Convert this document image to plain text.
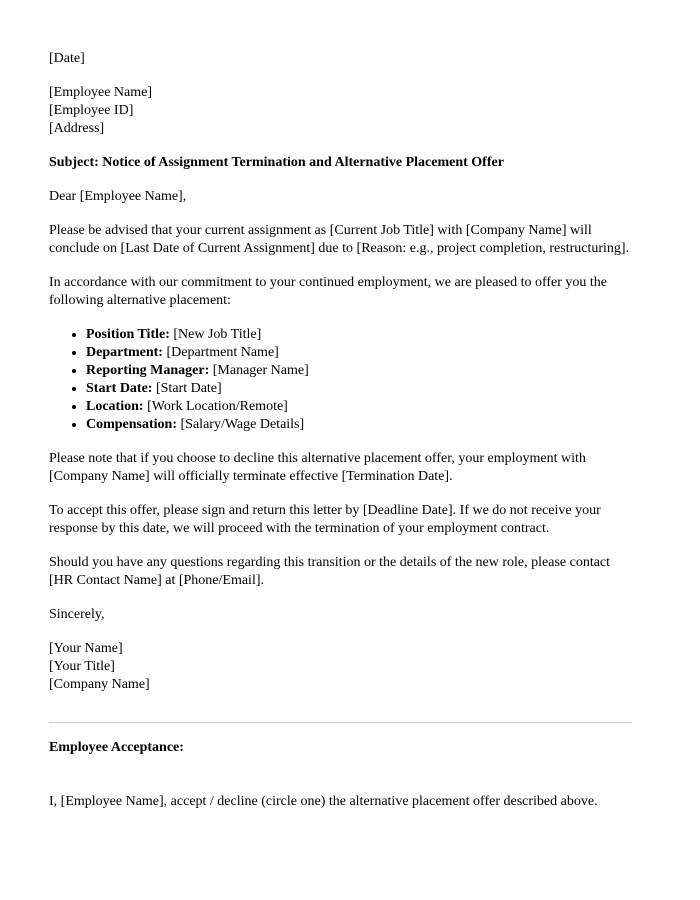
[Date]

[Employee Name]
[Employee ID]
[Address]

Subject: Notice of Assignment Termination and Alternative Placement Offer

Dear [Employee Name],

Please be advised that your current assignment as [Current Job Title] with [Company Name] will conclude on [Last Date of Current Assignment] due to [Reason: e.g., project completion, restructuring].

In accordance with our commitment to your continued employment, we are pleased to offer you the following alternative placement:

• Position Title: [New Job Title]
• Department: [Department Name]
• Reporting Manager: [Manager Name]
• Start Date: [Start Date]
• Location: [Work Location/Remote]
• Compensation: [Salary/Wage Details]

Please note that if you choose to decline this alternative placement offer, your employment with [Company Name] will officially terminate effective [Termination Date].

To accept this offer, please sign and return this letter by [Deadline Date]. If we do not receive your response by this date, we will proceed with the termination of your employment contract.

Should you have any questions regarding this transition or the details of the new role, please contact [HR Contact Name] at [Phone/Email].

Sincerely,

[Your Name]
[Your Title]
[Company Name]

Employee Acceptance:

I, [Employee Name], accept / decline (circle one) the alternative placement offer described above.
